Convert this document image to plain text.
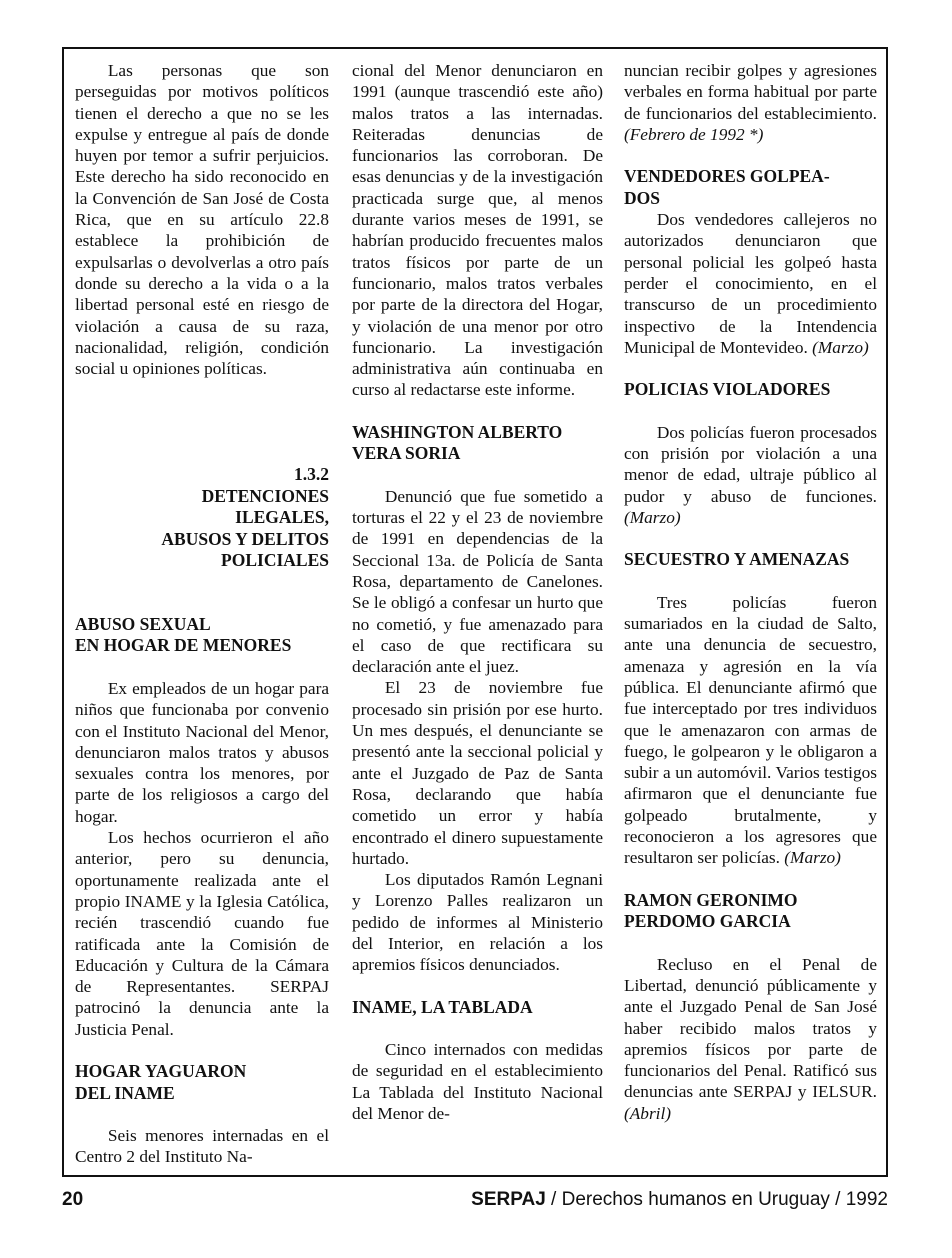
Las personas que son perseguidas por motivos políticos tienen el derecho a que no se les expulse y entregue al país de donde huyen por temor a sufrir perjuicios. Este derecho ha sido reconocido en la Convención de San José de Costa Rica, que en su artículo 22.8 establece la prohibición de expulsarlas o devolverlas a otro país donde su derecho a la vida o a la libertad personal esté en riesgo de violación a causa de su raza, nacionalidad, religión, condición social u opiniones políticas.

1.3.2

DETENCIONES

ILEGALES,

ABUSOS Y DELITOS

POLICIALES

ABUSO SEXUAL

EN HOGAR DE MENORES

Ex empleados de un hogar para niños que funcionaba por convenio con el Instituto Nacional del Menor, denunciaron malos tratos y abusos sexuales contra los menores, por parte de los religiosos a cargo del hogar.

Los hechos ocurrieron el año anterior, pero su denuncia, oportunamente realizada ante el propio INAME y la Iglesia Católica, recién trascendió cuando fue ratificada ante la Comisión de Educación y Cultura de la Cámara de Representantes. SERPAJ patrocinó la denuncia ante la Justicia Penal.

HOGAR YAGUARON

DEL INAME

Seis menores internadas en el Centro 2 del Instituto Na-

cional del Menor denunciaron en 1991 (aunque trascendió este año) malos tratos a las internadas. Reiteradas denuncias de funcionarios las corroboran. De esas denuncias y de la investigación practicada surge que, al menos durante varios meses de 1991, se habrían producido frecuentes malos tratos físicos por parte de un funcionario, malos tratos verbales por parte de la directora del Hogar, y violación de una menor por otro funcionario. La investigación administrativa aún continuaba en curso al redactarse este informe.

WASHINGTON ALBERTO

VERA SORIA

Denunció que fue sometido a torturas el 22 y el 23 de noviembre de 1991 en dependencias de la Seccional 13a. de Policía de Santa Rosa, departamento de Canelones. Se le obligó a confesar un hurto que no cometió, y fue amenazado para el caso de que rectificara su declaración ante el juez.

El 23 de noviembre fue procesado sin prisión por ese hurto. Un mes después, el denunciante se presentó ante la seccional policial y ante el Juzgado de Paz de Santa Rosa, declarando que había cometido un error y había encontrado el dinero supuestamente hurtado.

Los diputados Ramón Legnani y Lorenzo Palles realizaron un pedido de informes al Ministerio del Interior, en relación a los apremios físicos denunciados.

INAME, LA TABLADA

Cinco internados con medidas de seguridad en el establecimiento La Tablada del Instituto Nacional del Menor de-

nuncian recibir golpes y agresiones verbales en forma habitual por parte de funcionarios del establecimiento. (Febrero de 1992 *)

VENDEDORES GOLPEA-

DOS

Dos vendedores callejeros no autorizados denunciaron que personal policial les golpeó hasta perder el conocimiento, en el transcurso de un procedimiento inspectivo de la Intendencia Municipal de Montevideo. (Marzo)

POLICIAS VIOLADORES

Dos policías fueron procesados con prisión por violación a una menor de edad, ultraje público al pudor y abuso de funciones. (Marzo)

SECUESTRO Y AMENAZAS

Tres policías fueron sumariados en la ciudad de Salto, ante una denuncia de secuestro, amenaza y agresión en la vía pública. El denunciante afirmó que fue interceptado por tres individuos que le amenazaron con armas de fuego, le golpearon y le obligaron a subir a un automóvil. Varios testigos afirmaron que el denunciante fue golpeado brutalmente, y reconocieron a los agresores que resultaron ser policías. (Marzo)

RAMON GERONIMO

PERDOMO GARCIA

Recluso en el Penal de Libertad, denunció públicamente y ante el Juzgado Penal de San José haber recibido malos tratos y apremios físicos por parte de funcionarios del Penal. Ratificó sus denuncias ante SERPAJ y IELSUR. (Abril)

20	SERPAJ / Derechos humanos en Uruguay / 1992
